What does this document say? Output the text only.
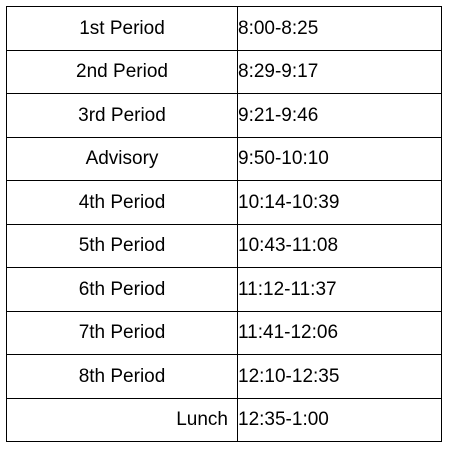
1st Period	8:00-8:25
2nd Period	8:29-9:17
3rd Period	9:21-9:46
Advisory	9:50-10:10
4th Period	10:14-10:39
5th Period	10:43-11:08
6th Period	11:12-11:37
7th Period	11:41-12:06
8th Period	12:10-12:35
Lunch	12:35-1:00
